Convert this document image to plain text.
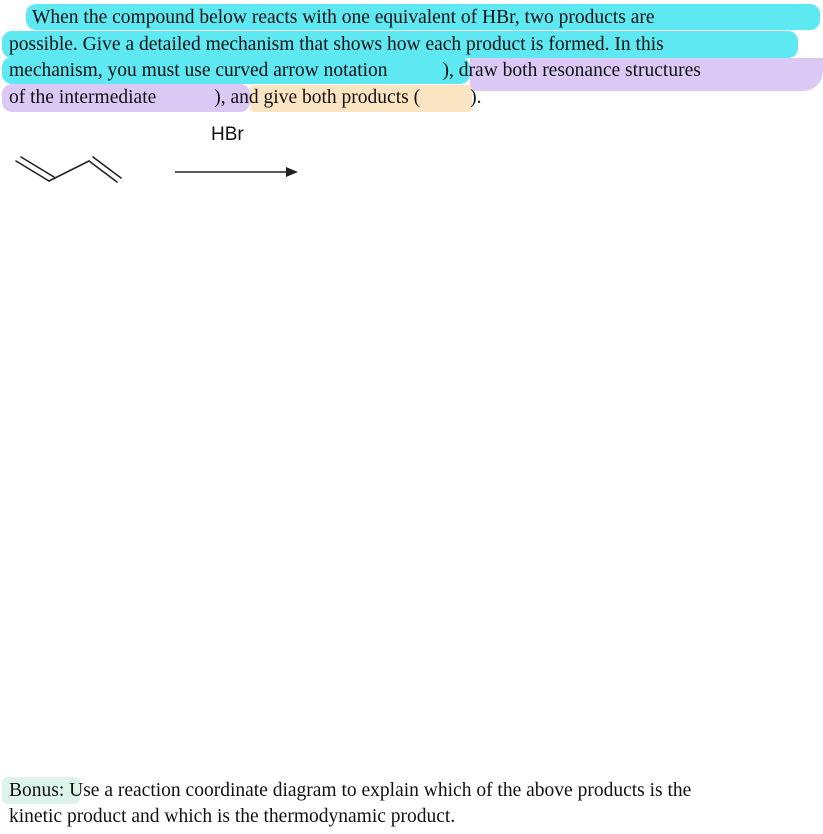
When the compound below reacts with one equivalent of HBr, two products are
possible. Give a detailed mechanism that shows how each product is formed. In this
mechanism, you must use curved arrow notation	), draw both resonance structures
of the intermediate	), and give both products (	).
HBr
Bonus: Use a reaction coordinate diagram to explain which of the above products is the
kinetic product and which is the thermodynamic product.
